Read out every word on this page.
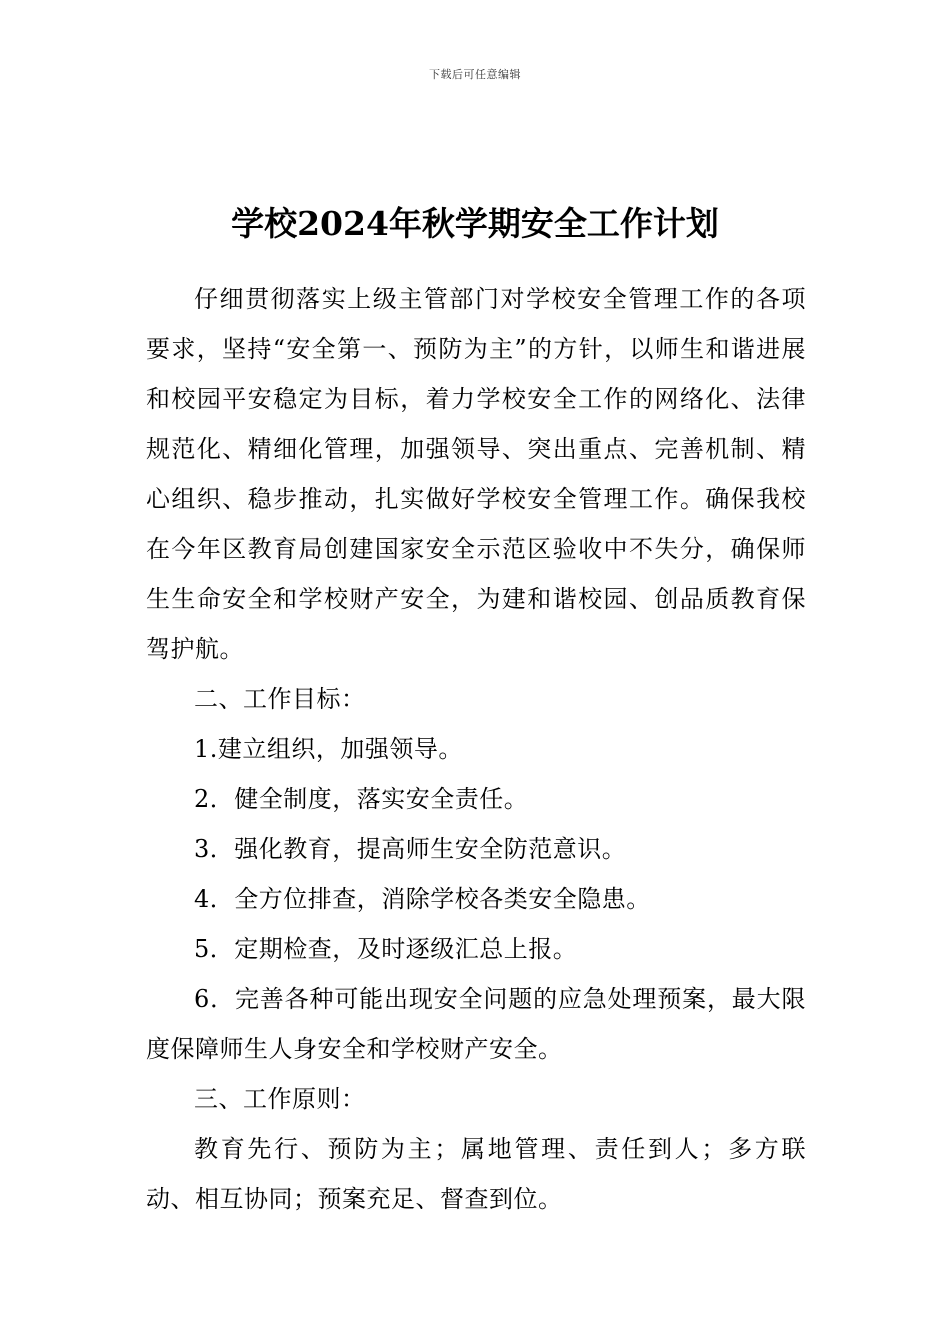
下载后可任意编辑
学校2024年秋学期安全工作计划

仔细贯彻落实上级主管部门对学校安全管理工作的各项要求，坚持“安全第一、预防为主”的方针，以师生和谐进展和校园平安稳定为目标，着力学校安全工作的网络化、法律规范化、精细化管理，加强领导、突出重点、完善机制、精心组织、稳步推动，扎实做好学校安全管理工作。确保我校在今年区教育局创建国家安全示范区验收中不失分，确保师生生命安全和学校财产安全，为建和谐校园、创品质教育保驾护航。

二、工作目标：

1.建立组织，加强领导。

2．健全制度，落实安全责任。

3．强化教育，提高师生安全防范意识。

4．全方位排查，消除学校各类安全隐患。

5．定期检查，及时逐级汇总上报。

6．完善各种可能出现安全问题的应急处理预案，最大限度保障师生人身安全和学校财产安全。

三、工作原则：

教育先行、预防为主；属地管理、责任到人；多方联动、相互协同；预案充足、督查到位。
